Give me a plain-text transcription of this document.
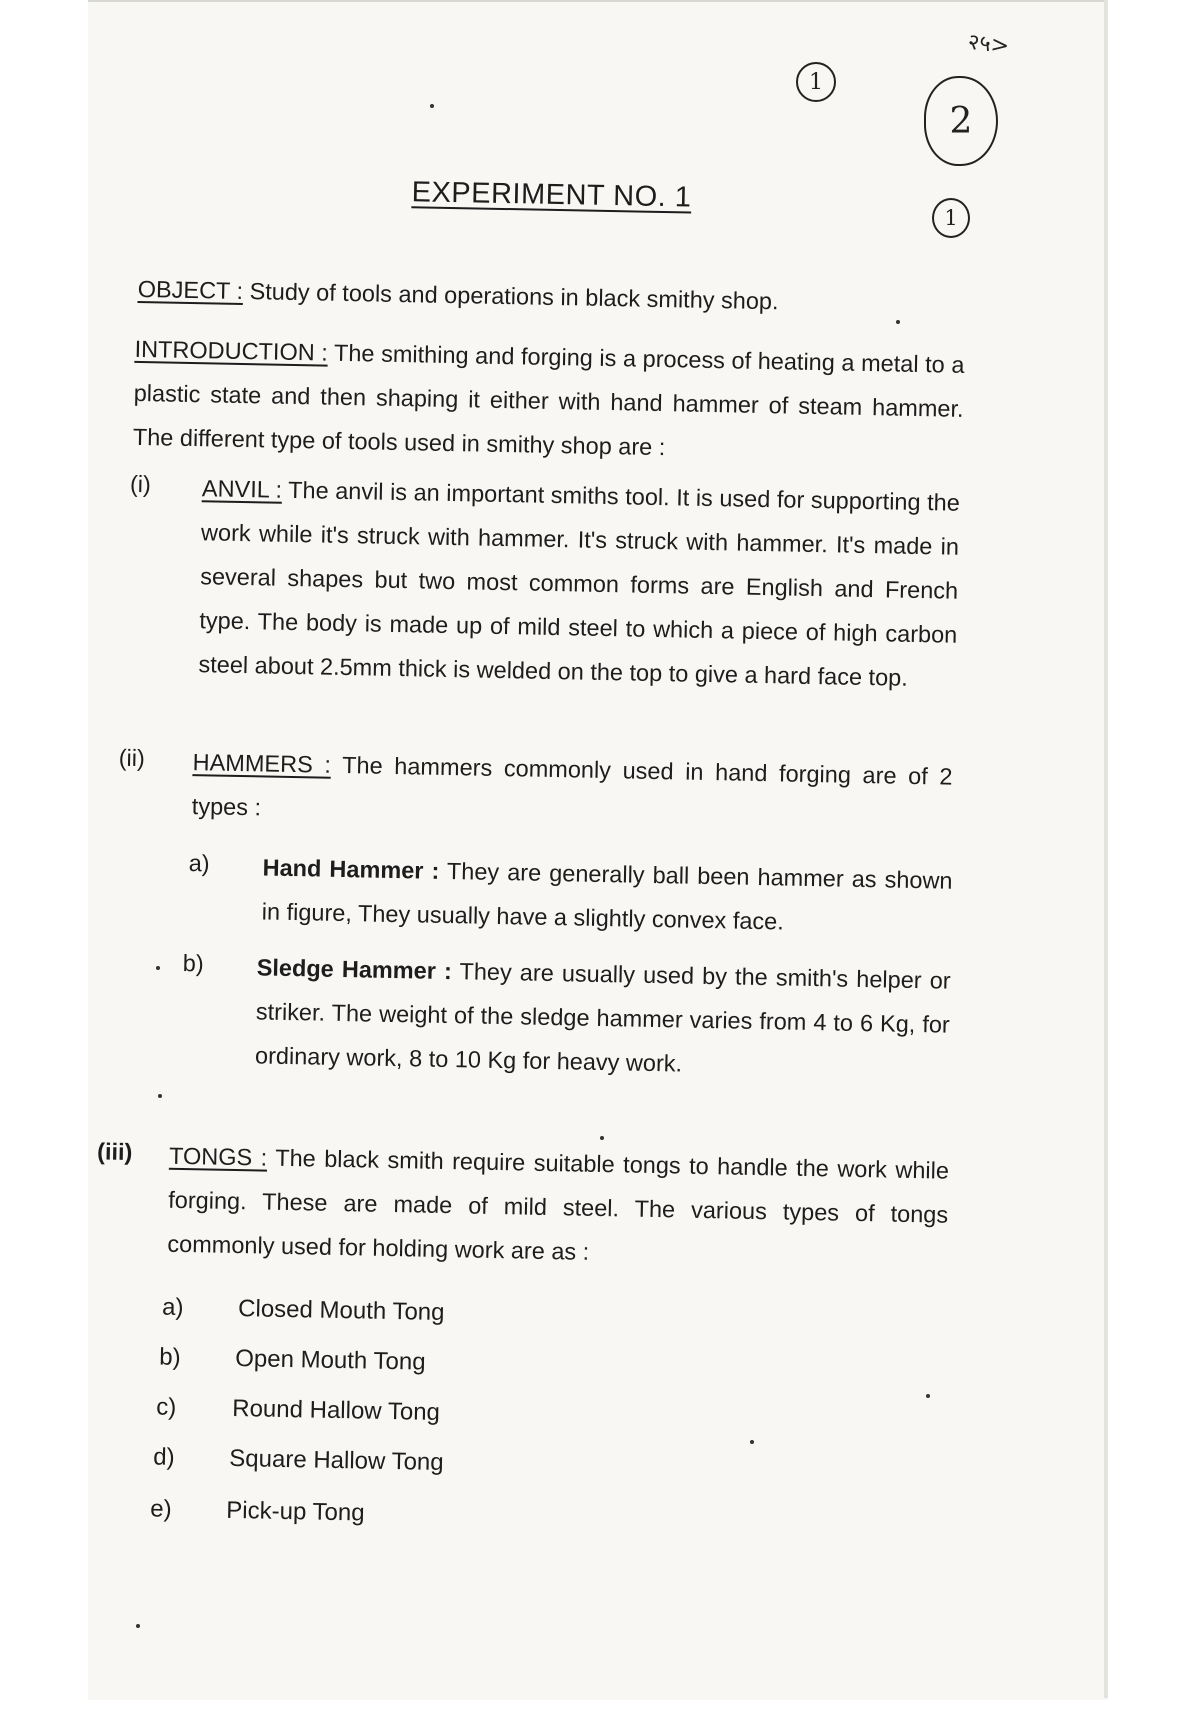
२५>
1
2
1
EXPERIMENT NO. 1
OBJECT : Study of tools and operations in black smithy shop.
INTRODUCTION : The smithing and forging is a process of heating a metal to a plastic state and then shaping it either with hand hammer of steam hammer. The different type of tools used in smithy shop are :
(i) ANVIL : The anvil is an important smiths tool. It is used for supporting the work while it's struck with hammer. It's struck with hammer. It's made in several shapes but two most common forms are English and French type. The body is made up of mild steel to which a piece of high carbon steel about 2.5mm thick is welded on the top to give a hard face top.
(ii) HAMMERS : The hammers commonly used in hand forging are of 2 types :
a) Hand Hammer : They are generally ball been hammer as shown in figure, They usually have a slightly convex face.
b) Sledge Hammer : They are usually used by the smith's helper or striker. The weight of the sledge hammer varies from 4 to 6 Kg, for ordinary work, 8 to 10 Kg for heavy work.
(iii) TONGS : The black smith require suitable tongs to handle the work while forging. These are made of mild steel. The various types of tongs commonly used for holding work are as :
a) Closed Mouth Tong
b) Open Mouth Tong
c) Round Hallow Tong
d) Square Hallow Tong
e) Pick-up Tong
